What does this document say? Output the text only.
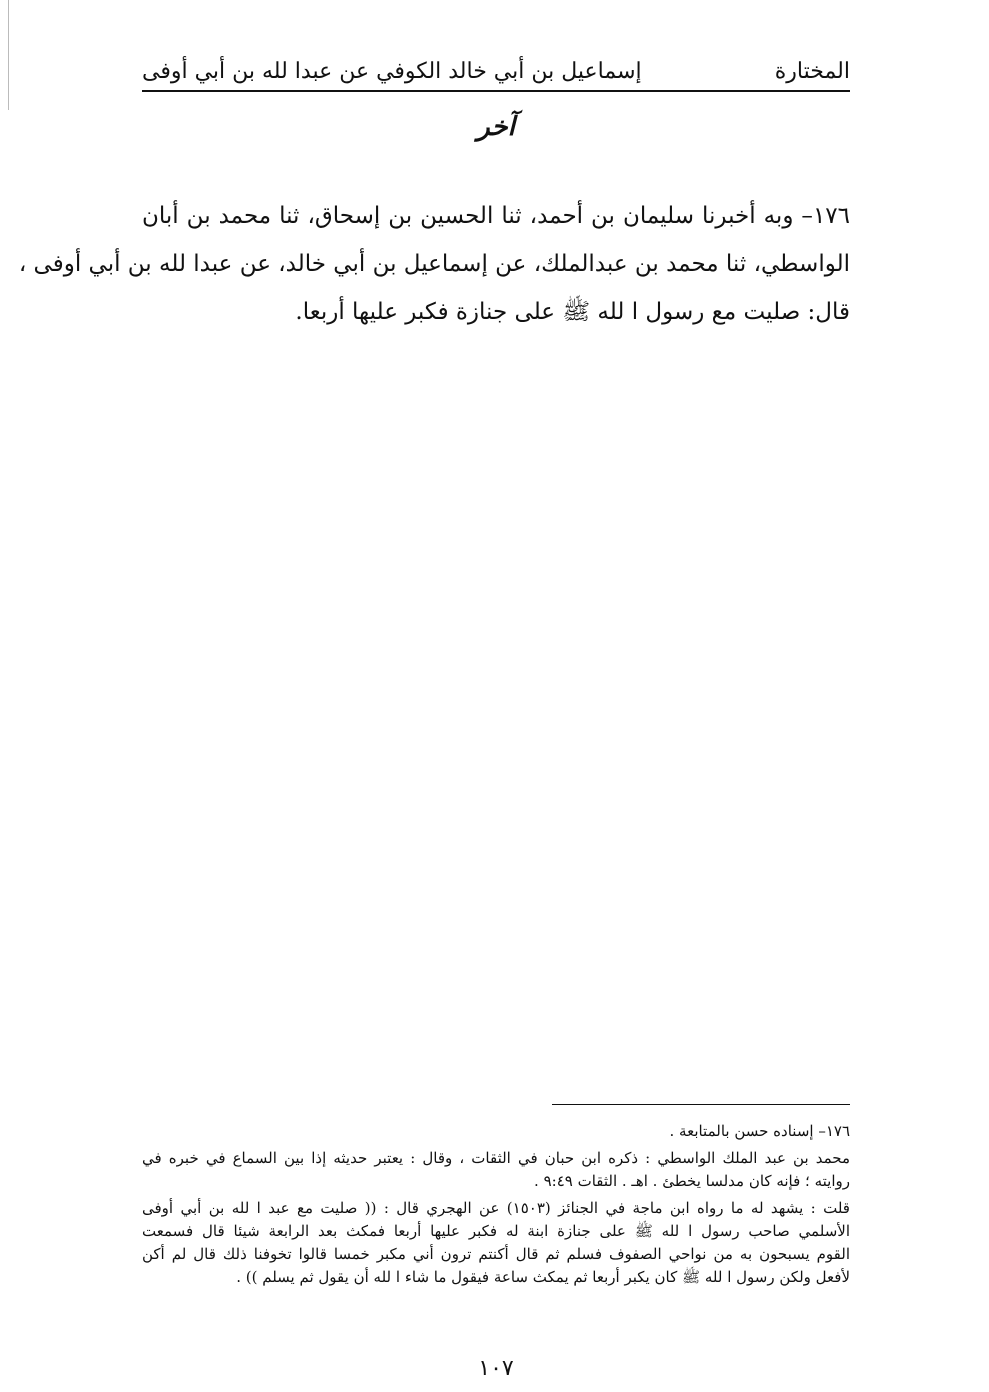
المختارة
إسماعيل بن أبي خالد الكوفي عن عبدا لله بن أبي أوفى
آخر

١٧٦– وبه أخبرنا سليمان بن أحمد، ثنا الحسين بن إسحاق، ثنا محمد بن أبان

الواسطي، ثنا محمد بن عبدالملك، عن إسماعيل بن أبي خالد، عن عبدا لله بن أبي أوفى ،

قال: صليت مع رسول ا لله ﷺ على جنازة فكبر عليها أربعا.

١٧٦– إسناده حسن بالمتابعة .

محمد بن عبد الملك الواسطي : ذكره ابن حبان في الثقات ، وقال : يعتبر حديثه إذا بين السماع في خبره في

روايته ؛ فإنه كان مدلسا يخطئ . اهـ . الثقات ٩:٤٩ .

قلت : يشهد له ما رواه ابن ماجة في الجنائز (١٥٠٣) عن الهجري قال : (( صليت مع عبد ا لله بن أبي أوفى

الأسلمي صاحب رسول ا لله ﷺ على جنازة ابنة له فكبر عليها أربعا فمكث بعد الرابعة شيئا قال فسمعت

القوم يسبحون به من نواحي الصفوف فسلم ثم قال أكنتم ترون أني مكبر خمسا قالوا تخوفنا ذلك قال لم أكن

لأفعل ولكن رسول ا لله ﷺ كان يكبر أربعا ثم يمكث ساعة فيقول ما شاء ا لله أن يقول ثم يسلم )) .

١٠٧
